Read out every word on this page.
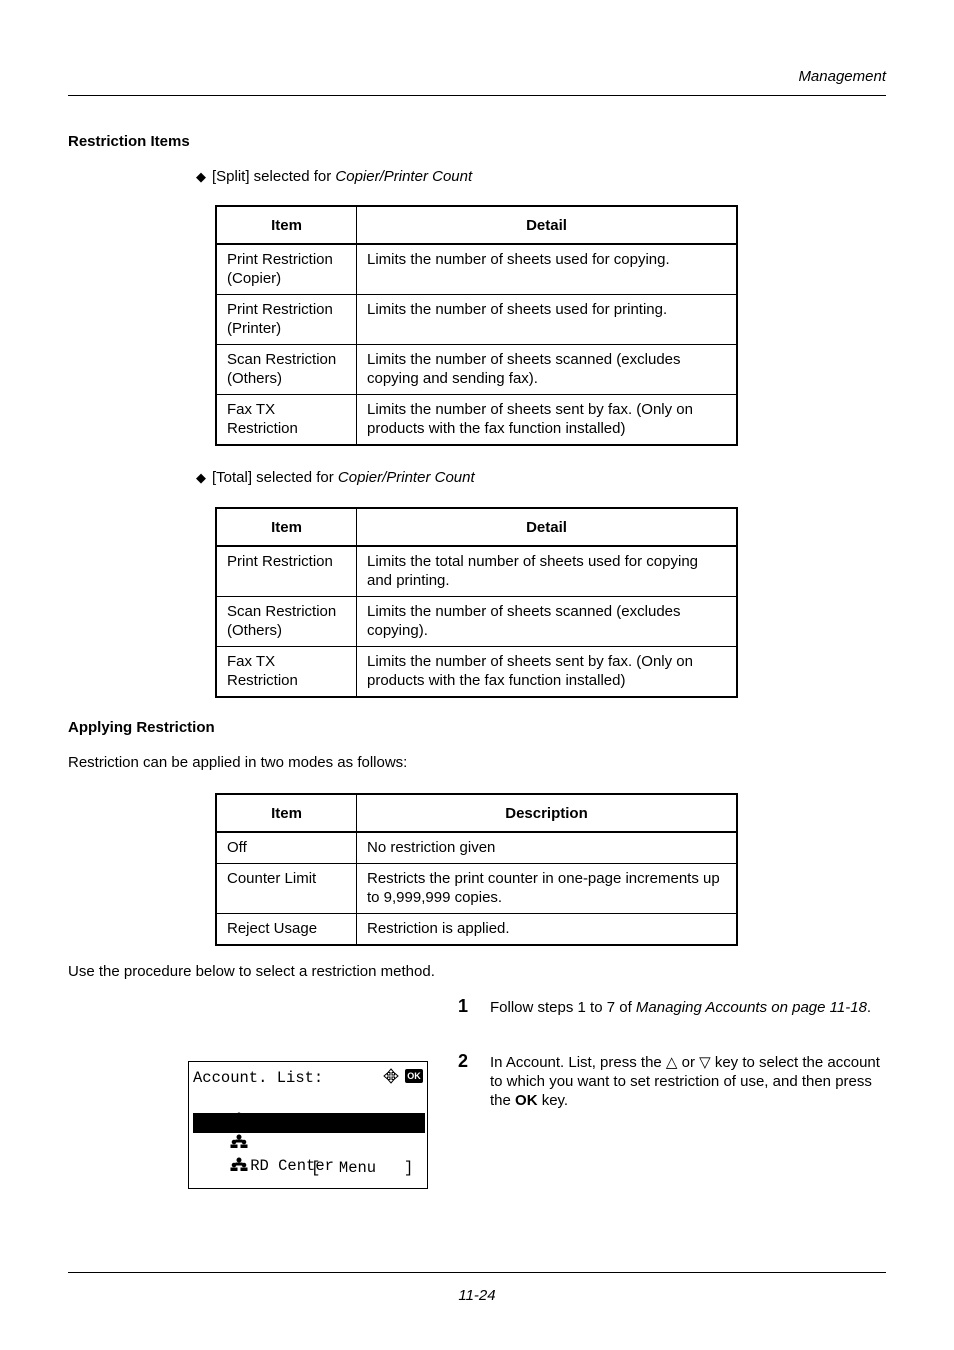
Management
Restriction Items
◆ [Split] selected for Copier/Printer Count
Item	Detail
Print Restriction (Copier)	Limits the number of sheets used for copying.
Print Restriction (Printer)	Limits the number of sheets used for printing.
Scan Restriction (Others)	Limits the number of sheets scanned (excludes copying and sending fax).
Fax TX Restriction	Limits the number of sheets sent by fax. (Only on products with the fax function installed)
◆ [Total] selected for Copier/Printer Count
Item	Detail
Print Restriction	Limits the total number of sheets used for copying and printing.
Scan Restriction (Others)	Limits the number of sheets scanned (excludes copying).
Fax TX Restriction	Limits the number of sheets sent by fax. (Only on products with the fax function installed)
Applying Restriction
Restriction can be applied in two modes as follows:
Item	Description
Off	No restriction given
Counter Limit	Restricts the print counter in one-page increments up to 9,999,999 copies.
Reject Usage	Restriction is applied.
Use the procedure below to select a restriction method.
1 Follow steps 1 to 7 of Managing Accounts on page 11-18.
2 In Account. List, press the △ or ▽ key to select the account to which you want to set restriction of use, and then press the OK key.
Account. List:	OK

GUI Design

RD Center

[  Menu   ]
11-24
